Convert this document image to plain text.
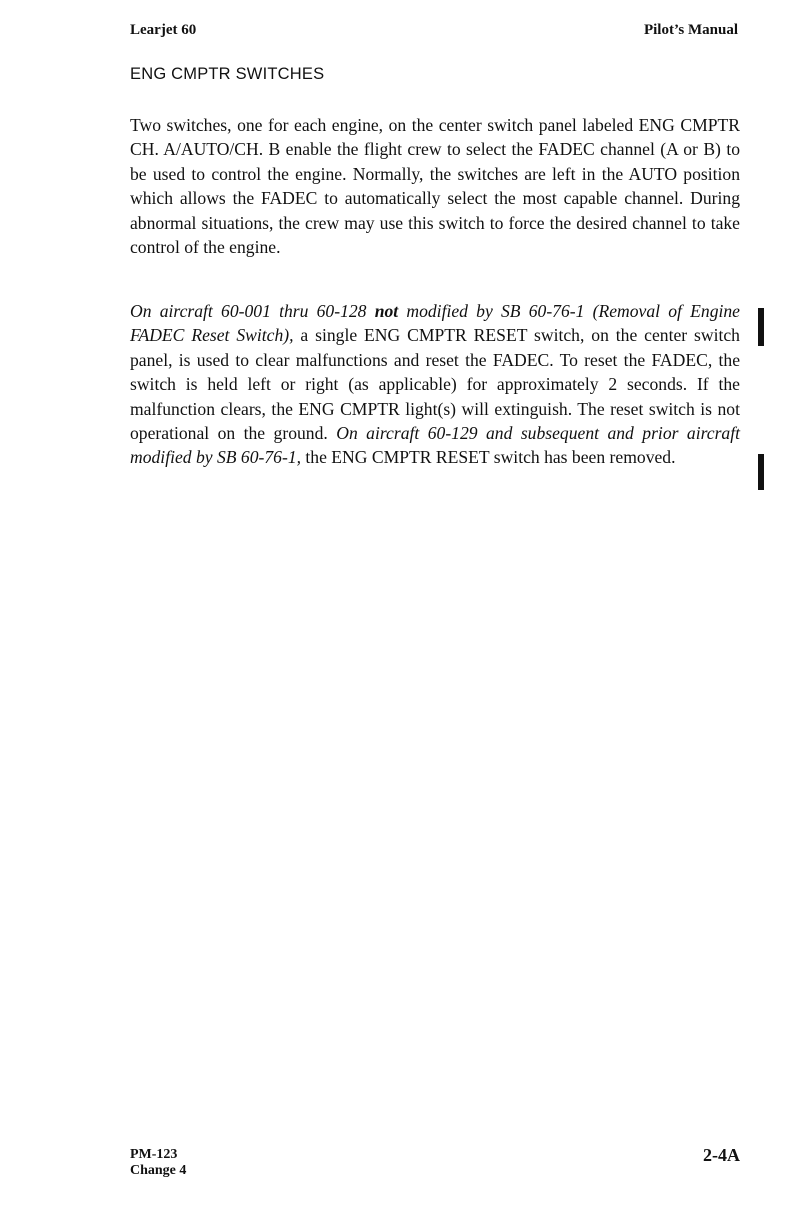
Learjet 60	Pilot’s Manual
ENG CMPTR SWITCHES

Two switches, one for each engine, on the center switch panel labeled ENG CMPTR CH. A/AUTO/CH. B enable the flight crew to select the FADEC channel (A or B) to be used to control the engine. Normally, the switches are left in the AUTO position which allows the FADEC to automatically select the most capable channel. During abnormal situations, the crew may use this switch to force the desired channel to take control of the engine.

On aircraft 60-001 thru 60-128 not modified by SB 60-76-1 (Removal of Engine FADEC Reset Switch), a single ENG CMPTR RESET switch, on the center switch panel, is used to clear malfunctions and reset the FADEC. To reset the FADEC, the switch is held left or right (as applicable) for approximately 2 seconds. If the malfunction clears, the ENG CMPTR light(s) will extinguish. The reset switch is not operational on the ground. On aircraft 60-129 and subsequent and prior aircraft modified by SB 60-76-1, the ENG CMPTR RESET switch has been removed.

PM-123
Change 4
2-4A
